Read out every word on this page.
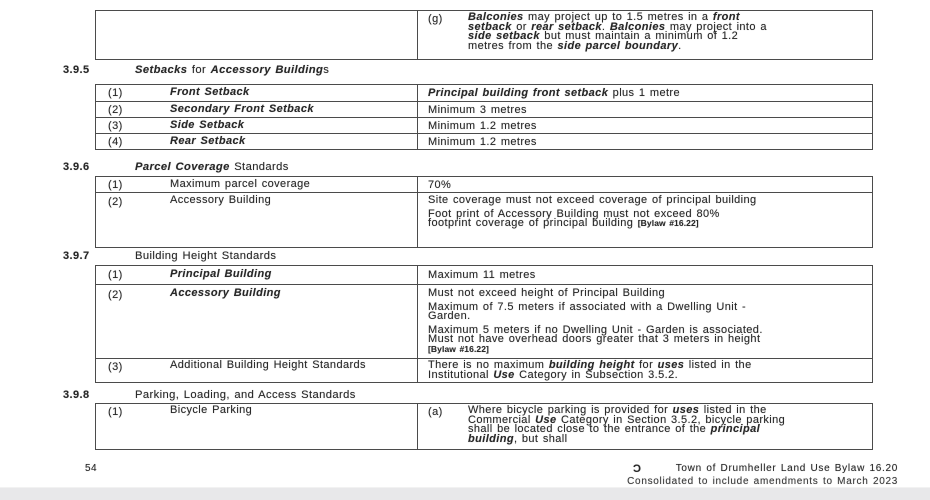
(g)	Balconies may project up to 1.5 metres in a front setback or rear setback. Balconies may project into a side setback but must maintain a minimum of 1.2 metres from the side parcel boundary.
3.9.5	Setbacks for Accessory Buildings
(1)	Front Setback	Principal building front setback plus 1 metre
(2)	Secondary Front Setback	Minimum 3 metres
(3)	Side Setback	Minimum 1.2 metres
(4)	Rear Setback	Minimum 1.2 metres
3.9.6	Parcel Coverage Standards
(1)	Maximum parcel coverage	70%
(2)	Accessory Building	Site coverage must not exceed coverage of principal building
Foot print of Accessory Building must not exceed 80% footprint coverage of principal building [Bylaw #16.22]
3.9.7	Building Height Standards
(1)	Principal Building	Maximum 11 metres
(2)	Accessory Building	Must not exceed height of Principal Building
Maximum of 7.5 meters if associated with a Dwelling Unit - Garden.
Maximum 5 meters if no Dwelling Unit - Garden is associated. Must not have overhead doors greater that 3 meters in height [Bylaw #16.22]
(3)	Additional Building Height Standards	There is no maximum building height for uses listed in the Institutional Use Category in Subsection 3.5.2.
3.9.8	Parking, Loading, and Access Standards
(1)	Bicycle Parking	(a)	Where bicycle parking is provided for uses listed in the Commercial Use Category in Section 3.5.2, bicycle parking shall be located close to the entrance of the principal building, but shall
54	Ɔ	Town of Drumheller Land Use Bylaw 16.20
Consolidated to include amendments to March 2023
